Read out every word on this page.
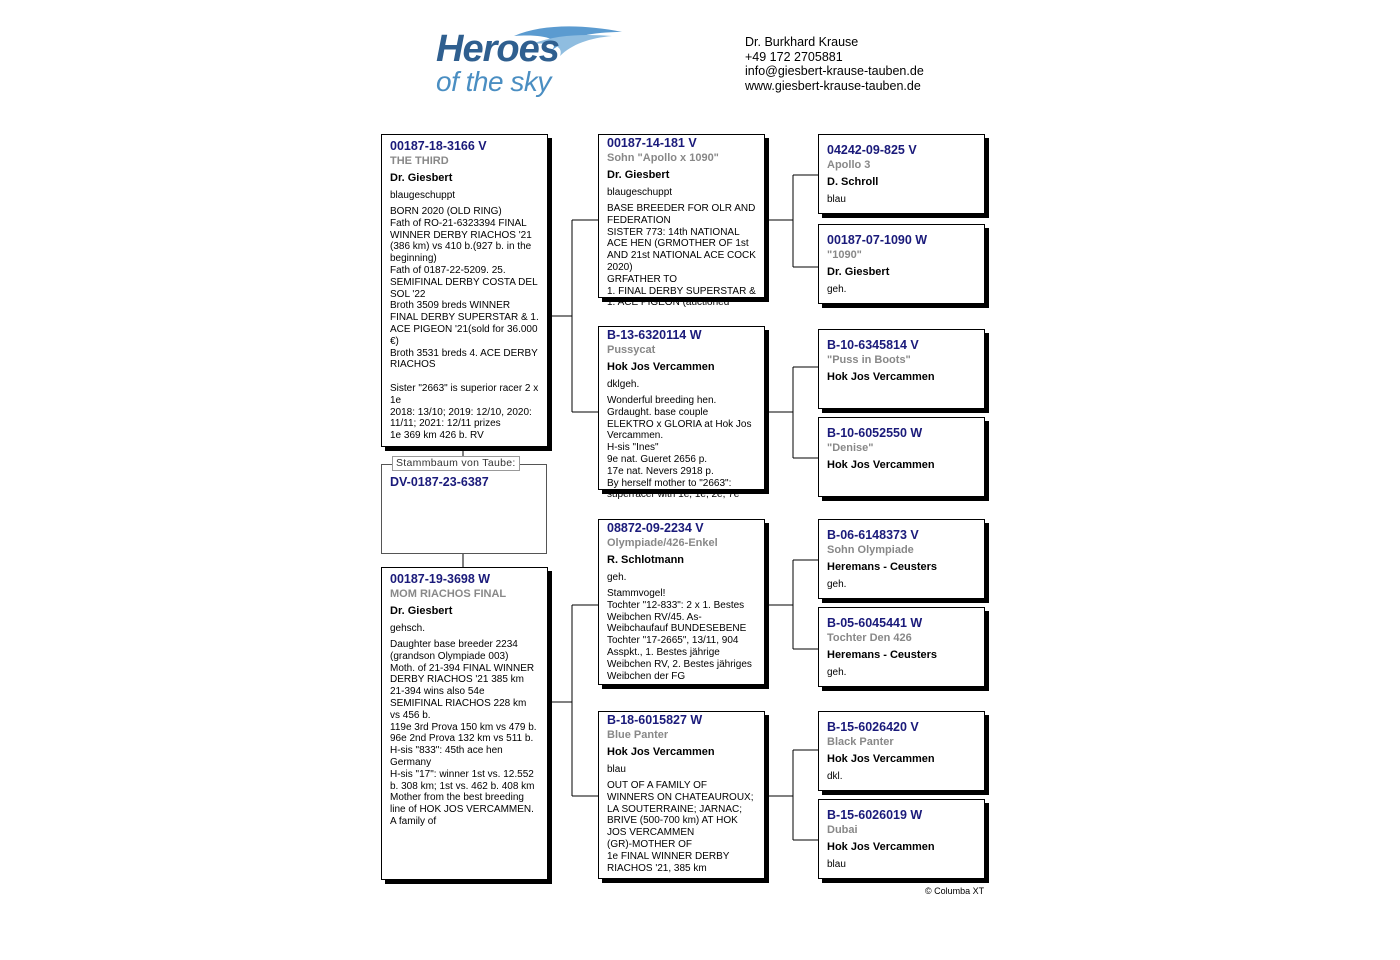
Heroes
of the sky
Dr. Burkhard Krause
+49 172 2705881
info@giesbert-krause-tauben.de
www.giesbert-krause-tauben.de
00187-18-3166 V
THE THIRD
Dr. Giesbert
blaugeschuppt
BORN 2020 (OLD RING)
Fath of RO-21-6323394 FINAL WINNER DERBY RIACHOS '21 (386 km) vs 410 b.(927 b. in the beginning)
Fath of 0187-22-5209. 25. SEMIFINAL DERBY COSTA DEL SOL '22
Broth 3509 breds WINNER FINAL DERBY SUPERSTAR & 1. ACE PIGEON '21(sold for 36.000 €)
Broth 3531 breds 4. ACE DERBY RIACHOS

Sister "2663" is superior racer 2 x 1e
2018: 13/10; 2019: 12/10, 2020: 11/11; 2021: 12/11 prizes
1e 369 km 426 b. RV
Stammbaum von Taube:
DV-0187-23-6387
00187-19-3698 W
MOM RIACHOS FINAL
Dr. Giesbert
gehsch.
Daughter base breeder 2234 (grandson Olympiade 003)
Moth. of 21-394 FINAL WINNER DERBY RIACHOS '21 385 km
21-394 wins also 54e SEMIFINAL RIACHOS 228 km vs 456 b.
119e 3rd Prova 150 km vs 479 b.
96e 2nd Prova 132 km vs 511 b.
H-sis "833": 45th ace hen Germany
H-sis "17": winner 1st vs. 12.552 b. 308 km; 1st vs. 462 b. 408 km
Mother from the best breeding line of HOK JOS VERCAMMEN. A family of
00187-14-181 V
Sohn "Apollo x 1090"
Dr. Giesbert
blaugeschuppt
BASE BREEDER FOR OLR AND FEDERATION
SISTER 773: 14th NATIONAL ACE HEN (GRMOTHER OF 1st AND 21st NATIONAL ACE COCK 2020)
GRFATHER TO
1. FINAL DERBY SUPERSTAR & 1. ACE PIGEON (auctioned
B-13-6320114 W
Pussycat
Hok Jos Vercammen
dklgeh.
Wonderful breeding hen.
Grdaught. base couple ELEKTRO x GLORIA at Hok Jos Vercammen.
H-sis "Ines"
9e nat. Gueret 2656 p.
17e nat. Nevers 2918 p.
By herself mother to "2663": superracer with 1e, 1e, 2e, 7e
08872-09-2234 V
Olympiade/426-Enkel
R. Schlotmann
geh.
Stammvogel!
Tochter "12-833": 2 x 1. Bestes Weibchen RV/45. As-Weibchaufauf BUNDESEBENE
Tochter "17-2665", 13/11, 904 Asspkt., 1. Bestes jährige Weibchen RV, 2. Bestes jähriges Weibchen der FG
B-18-6015827 W
Blue Panter
Hok Jos Vercammen
blau
OUT OF A FAMILY OF WINNERS ON CHATEAUROUX; LA SOUTERRAINE; JARNAC; BRIVE (500-700 km) AT HOK JOS VERCAMMEN
(GR)-MOTHER OF
1e FINAL WINNER DERBY RIACHOS '21, 385 km
04242-09-825 V
Apollo 3
D. Schroll
blau
00187-07-1090 W
"1090"
Dr. Giesbert
geh.
B-10-6345814 V
"Puss in Boots"
Hok Jos Vercammen
B-10-6052550 W
"Denise"
Hok Jos Vercammen
B-06-6148373 V
Sohn Olympiade
Heremans - Ceusters
geh.
B-05-6045441 W
Tochter Den 426
Heremans - Ceusters
geh.
B-15-6026420 V
Black Panter
Hok Jos Vercammen
dkl.
B-15-6026019 W
Dubai
Hok Jos Vercammen
blau
© Columba XT
